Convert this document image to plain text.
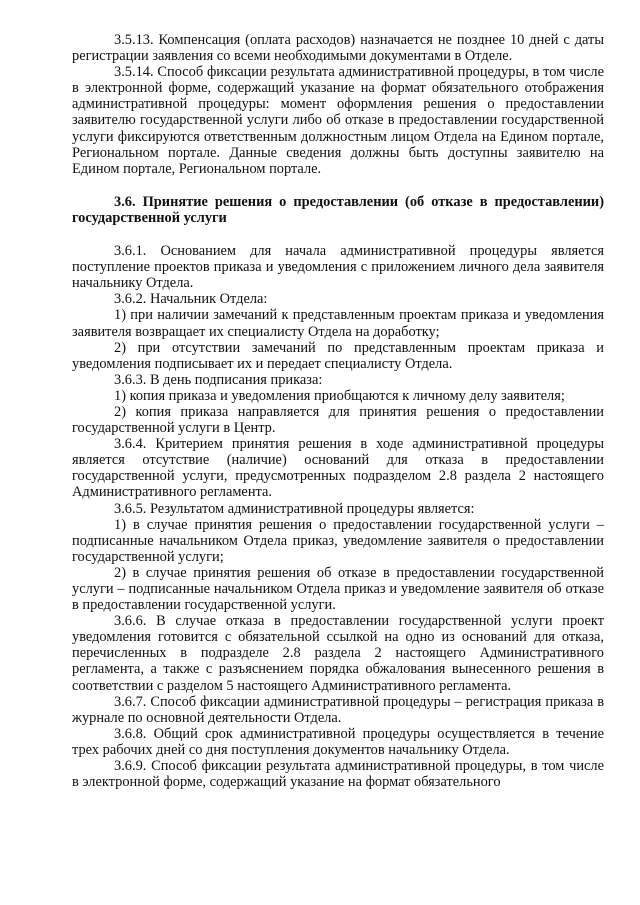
3.5.13. Компенсация (оплата расходов) назначается не позднее 10 дней с даты регистрации заявления со всеми необходимыми документами в Отделе.

3.5.14. Способ фиксации результата административной процедуры, в том числе в электронной форме, содержащий указание на формат обязательного отображения административной процедуры: момент оформления решения о предоставлении заявителю государственной услуги либо об отказе в предоставлении государственной услуги фиксируются ответственным должностным лицом Отдела на Едином портале, Региональном портале. Данные сведения должны быть доступны заявителю на Едином портале, Региональном портале.

3.6. Принятие решения о предоставлении (об отказе в предоставлении) государственной услуги

3.6.1. Основанием для начала административной процедуры является поступление проектов приказа и уведомления с приложением личного дела заявителя начальнику Отдела.

3.6.2. Начальник Отдела:

1) при наличии замечаний к представленным проектам приказа и уведомления заявителя возвращает их специалисту Отдела на доработку;

2) при отсутствии замечаний по представленным проектам приказа и уведомления подписывает их и передает специалисту Отдела.

3.6.3. В день подписания приказа:

1) копия приказа и уведомления приобщаются к личному делу заявителя;

2) копия приказа направляется для принятия решения о предоставлении государственной услуги в Центр.

3.6.4. Критерием принятия решения в ходе административной процедуры является отсутствие (наличие) оснований для отказа в предоставлении государственной услуги, предусмотренных подразделом 2.8 раздела 2 настоящего Административного регламента.

3.6.5. Результатом административной процедуры является:

1) в случае принятия решения о предоставлении государственной услуги – подписанные начальником Отдела приказ, уведомление заявителя о предоставлении государственной услуги;

2) в случае принятия решения об отказе в предоставлении государственной услуги – подписанные начальником Отдела приказ и уведомление заявителя об отказе в предоставлении государственной услуги.

3.6.6. В случае отказа в предоставлении государственной услуги проект уведомления готовится с обязательной ссылкой на одно из оснований для отказа, перечисленных в подразделе 2.8 раздела 2 настоящего Административного регламента, а также с разъяснением порядка обжалования вынесенного решения в соответствии с разделом 5 настоящего Административного регламента.

3.6.7. Способ фиксации административной процедуры – регистрация приказа в журнале по основной деятельности Отдела.

3.6.8. Общий срок административной процедуры осуществляется в течение трех рабочих дней со дня поступления документов начальнику Отдела.

3.6.9. Способ фиксации результата административной процедуры, в том числе в электронной форме, содержащий указание на формат обязательного
